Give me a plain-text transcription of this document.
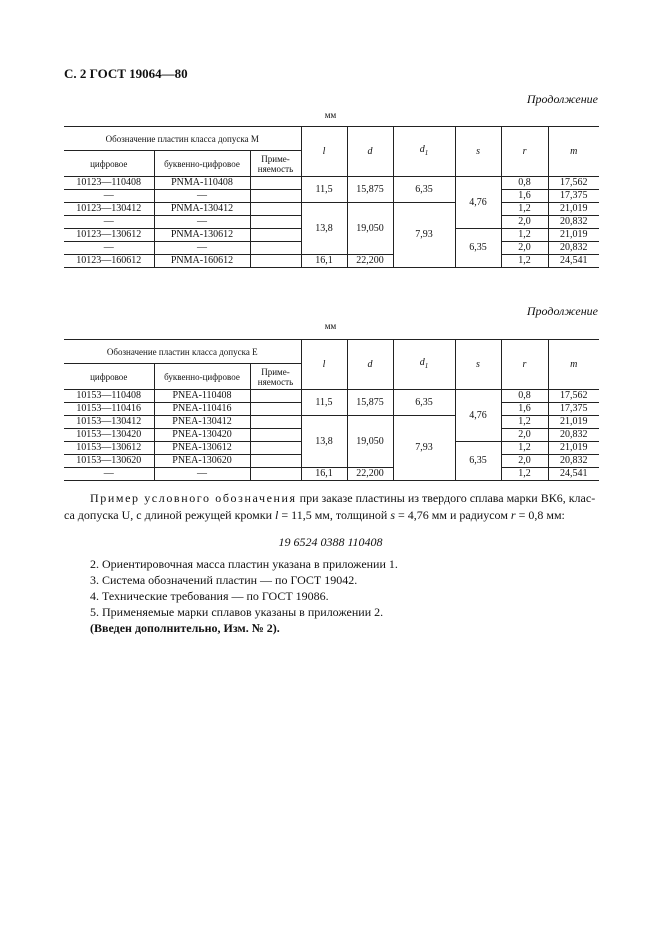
С. 2 ГОСТ 19064—80
Продолжение
мм
Обозначение пластин класса допуска М			l	d	$d_1$	s	r	m
цифровое	буквенно-цифровое	Приме-
няемость						
10123—110408	PNMA-110408		11,5	15,875	6,35	4,76	0,8	17,562
—	—						1,6	17,375
10123—130412	PNMA-130412		13,8	19,050	7,93		1,2	21,019
—	—						2,0	20,832
10123—130612	PNMA-130612					6,35	1,2	21,019
—	—						2,0	20,832
10123—160612	PNMA-160612		16,1	22,200			1,2	24,541
Продолжение
мм
Обозначение пластин класса допуска Е			l	d	$d_1$	s	r	m
цифровое	буквенно-цифровое	Приме-
няемость						
10153—110408	PNEA-110408		11,5	15,875	6,35	4,76	0,8	17,562
10153—110416	PNEA-110416						1,6	17,375
10153—130412	PNEA-130412		13,8	19,050	7,93		1,2	21,019
10153—130420	PNEA-130420						2,0	20,832
10153—130612	PNEA-130612					6,35	1,2	21,019
10153—130620	PNEA-130620						2,0	20,832
—	—		16,1	22,200			1,2	24,541
Пример условного обозначения при заказе пластины из твердого сплава марки ВК6, клас-
са допуска U, с длиной режущей кромки l = 11,5 мм, толщиной s = 4,76 мм и радиусом r = 0,8 мм:
19 6524 0388 110408
2. Ориентировочная масса пластин указана в приложении 1.
3. Система обозначений пластин — по ГОСТ 19042.
4. Технические требования — по ГОСТ 19086.
5. Применяемые марки сплавов указаны в приложении 2.
(Введен дополнительно, Изм. № 2).
